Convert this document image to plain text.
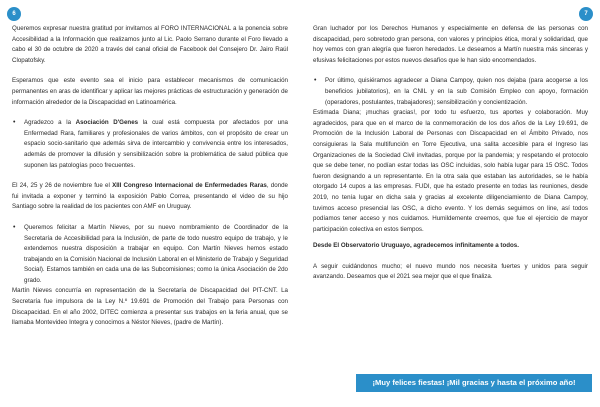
6	7

Queremos expresar nuestra gratitud por invitarnos al FORO INTERNACIONAL a la ponencia sobre Accesibilidad a la Información que realizamos junto al Lic. Paolo Serrano durante el Foro llevado a cabo el 30 de octubre de 2020 a través del canal oficial de Facebook del Consejero Dr. Jairo Raúl Clopatofsky.

Esperamos que este evento sea el inicio para establecer mecanismos de comunicación permanentes en aras de identificar y aplicar las mejores prácticas de estructuración y generación de información alrededor de la Discapacidad en Latinoamérica.

• Agradezco a la Asociación D'Genes la cual está compuesta por afectados por una Enfermedad Rara, familiares y profesionales de varios ámbitos, con el propósito de crear un espacio socio-sanitario que además sirva de intercambio y convivencia entre los interesados, además de promover la difusión y sensibilización sobre la problemática de salud pública que suponen las patologías poco frecuentes.

El 24, 25 y 26 de noviembre fue el XIII Congreso Internacional de Enfermedades Raras, donde fui invitada a exponer y terminó la exposición Pablo Correa, presentando el video de su hijo Santiago sobre la realidad de los pacientes con AMF en Uruguay.

• Queremos felicitar a Martín Nieves, por su nuevo nombramiento de Coordinador de la Secretaría de Accesibilidad para la Inclusión, de parte de todo nuestro equipo de trabajo, y le extendemos nuestra disposición a trabajar en equipo. Con Martín Nieves hemos estado trabajando en la Comisión Nacional de Inclusión Laboral en el Ministerio de Trabajo y Seguridad Social). Estamos también en cada una de las Subcomisiones; como la única Asociación de 2do grado.

Martín Nieves concurría en representación de la Secretaría de Discapacidad del PIT-CNT. La Secretaría fue impulsora de la Ley N.º 19.691 de Promoción del Trabajo para Personas con Discapacidad. En el año 2002, DITEC comienza a presentar sus trabajos en la feria anual, que se llamaba Montevideo Integra y conocimos a Néstor Nieves, (padre de Martín).

Gran luchador por los Derechos Humanos y especialmente en defensa de las personas con discapacidad, pero sobretodo gran persona, con valores y principios ética, moral y solidaridad, que hoy vemos con gran alegría que fueron heredados. Le deseamos a Martín nuestra más sinceras y efusivas felicitaciones por estos nuevos desafíos que le han sido encomendados.

• Por último, quisiéramos agradecer a Diana Campoy, quien nos dejaba (para acogerse a los beneficios jubilatorios), en la CNIL y en la sub Comisión Empleo con apoyo, formación (operadores, postulantes, trabajadores); sensibilización y concientización.

Estimada Diana; ¡muchas gracias!, por todo tu esfuerzo, tus aportes y colaboración. Muy agradecidos, para que en el marco de la conmemoración de los dos años de la Ley 19.691, de Promoción de la Inclusión Laboral de Personas con Discapacidad en el Ámbito Privado, nos consiguieras la Sala multifunción en Torre Ejecutiva, una salita accesible para el Ingreso las Organizaciones de la Sociedad Civil invitadas, porque por la pandemia; y respetando el protocolo que se debe tener, no podían estar todas las OSC incluidas, solo había lugar para 15 OSC. Todos fueron designando a un representante. En la otra sala que estaban las autoridades, se le había otorgado 14 cupos a las empresas. FUDI, que ha estado presente en todas las reuniones, desde 2019, no tenía lugar en dicha sala y gracias al excelente diligenciamiento de Diana Campoy, tuvimos acceso presencial las OSC, a dicho evento. Y los demás seguimos on line, así todos podíamos tener acceso y nos cuidamos. Humildemente creemos, que fue el ejercicio de mayor participación colectiva en estos tiempos.

Desde El Observatorio Uruguayo, agradecemos infinitamente a todos.

A seguir cuidándonos mucho; el nuevo mundo nos necesita fuertes y unidos para seguir avanzando. Deseamos que el 2021 sea mejor que el que finaliza.

¡Muy felices fiestas! ¡Mil gracias y hasta el próximo año!
